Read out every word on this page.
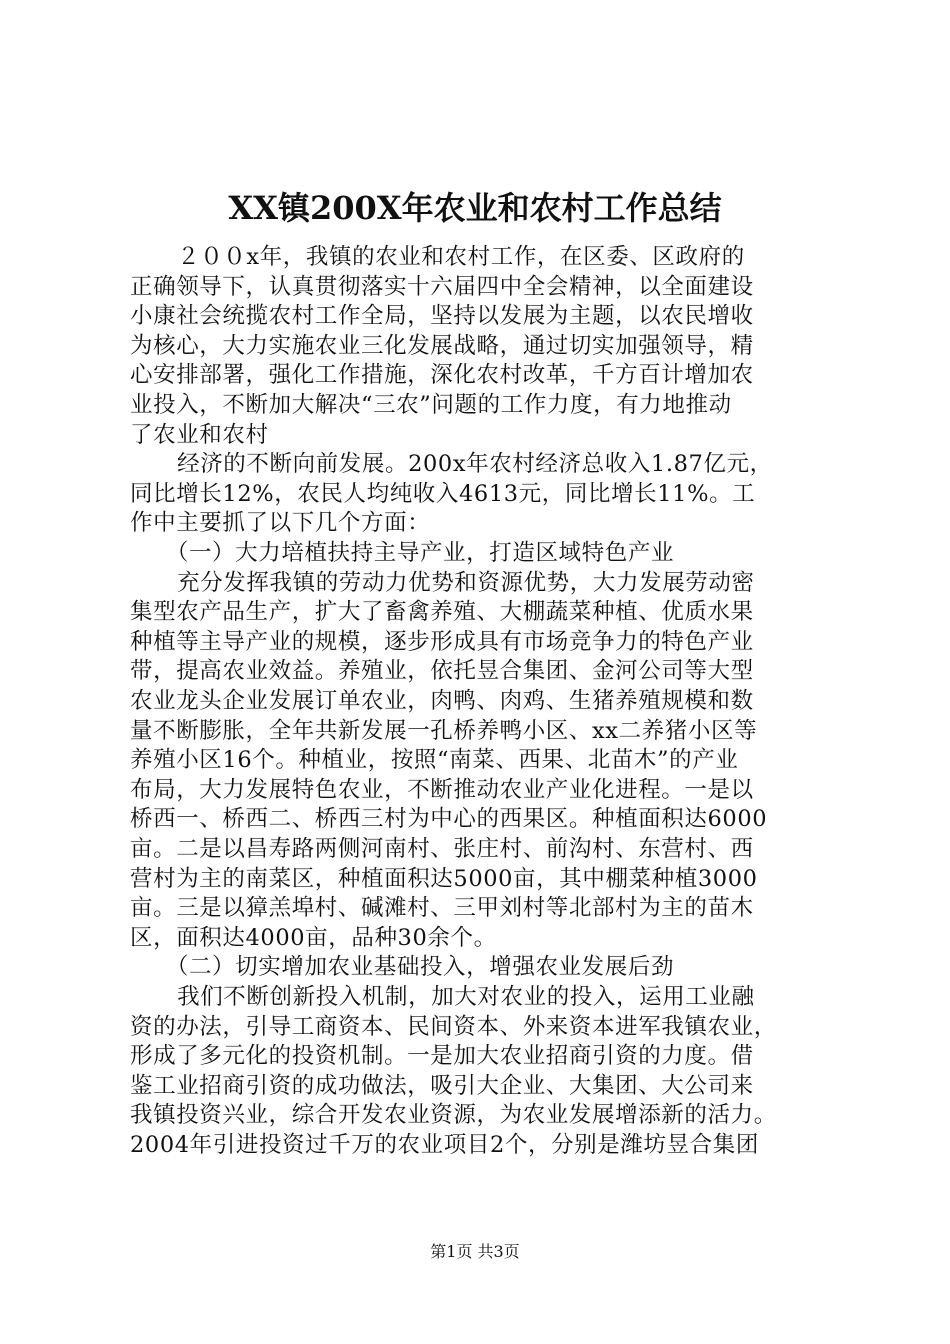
XX镇200X年农业和农村工作总结
　２００x年，我镇的农业和农村工作，在区委、区政府的
正确领导下，认真贯彻落实十六届四中全会精神，以全面建设
小康社会统揽农村工作全局，坚持以发展为主题，以农民增收
为核心，大力实施农业三化发展战略，通过切实加强领导，精
心安排部署，强化工作措施，深化农村改革，千方百计增加农
业投入，不断加大解决“三农”问题的工作力度，有力地推动
了农业和农村
　经济的不断向前发展。200x年农村经济总收入1.87亿元，
同比增长12%，农民人均纯收入4613元，同比增长11%。工
作中主要抓了以下几个方面：
　（一）大力培植扶持主导产业，打造区域特色产业
　充分发挥我镇的劳动力优势和资源优势，大力发展劳动密
集型农产品生产，扩大了畜禽养殖、大棚蔬菜种植、优质水果
种植等主导产业的规模，逐步形成具有市场竞争力的特色产业
带，提高农业效益。养殖业，依托昱合集团、金河公司等大型
农业龙头企业发展订单农业，肉鸭、肉鸡、生猪养殖规模和数
量不断膨胀，全年共新发展一孔桥养鸭小区、xx二养猪小区等
养殖小区16个。种植业，按照“南菜、西果、北苗木”的产业
布局，大力发展特色农业，不断推动农业产业化进程。一是以
桥西一、桥西二、桥西三村为中心的西果区。种植面积达6000
亩。二是以昌寿路两侧河南村、张庄村、前沟村、东营村、西
营村为主的南菜区，种植面积达5000亩，其中棚菜种植3000
亩。三是以獐羔埠村、碱滩村、三甲刘村等北部村为主的苗木
区，面积达4000亩，品种30余个。
　（二）切实增加农业基础投入，增强农业发展后劲
　我们不断创新投入机制，加大对农业的投入，运用工业融
资的办法，引导工商资本、民间资本、外来资本进军我镇农业，
形成了多元化的投资机制。一是加大农业招商引资的力度。借
鉴工业招商引资的成功做法，吸引大企业、大集团、大公司来
我镇投资兴业，综合开发农业资源，为农业发展增添新的活力。
2004年引进投资过千万的农业项目2个，分别是潍坊昱合集团
第1页 共3页
